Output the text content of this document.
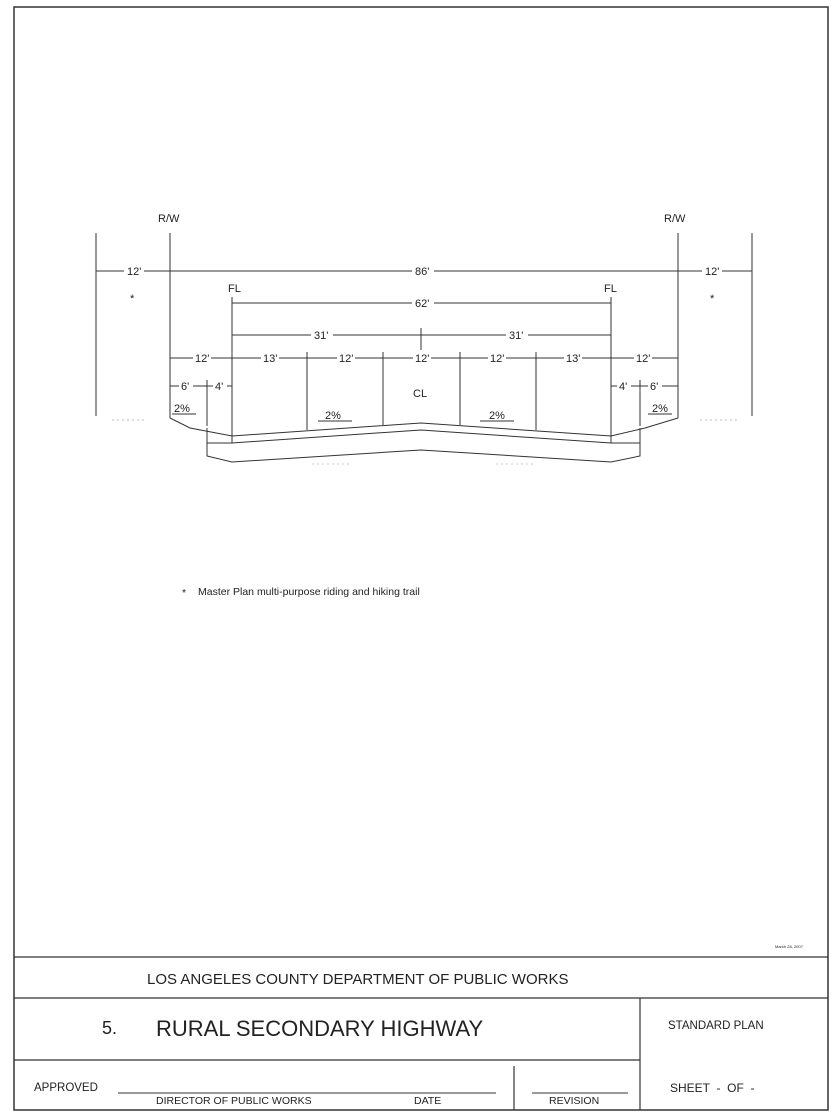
R/W	R/W
FL	FL
CL
12'	86'	12'
62'
31'	31'
12'	13'	12'	12'	12'	13'	12'
6' 4'	4' 6'
2%
2%	2%
2%
*	*
* Master Plan multi-purpose riding and hiking trail
March 28, 2007
LOS ANGELES COUNTY DEPARTMENT OF PUBLIC WORKS
5. RURAL SECONDARY HIGHWAY	STANDARD PLAN
APPROVED
DIRECTOR OF PUBLIC WORKS	DATE	REVISION
SHEET  -  OF  -
